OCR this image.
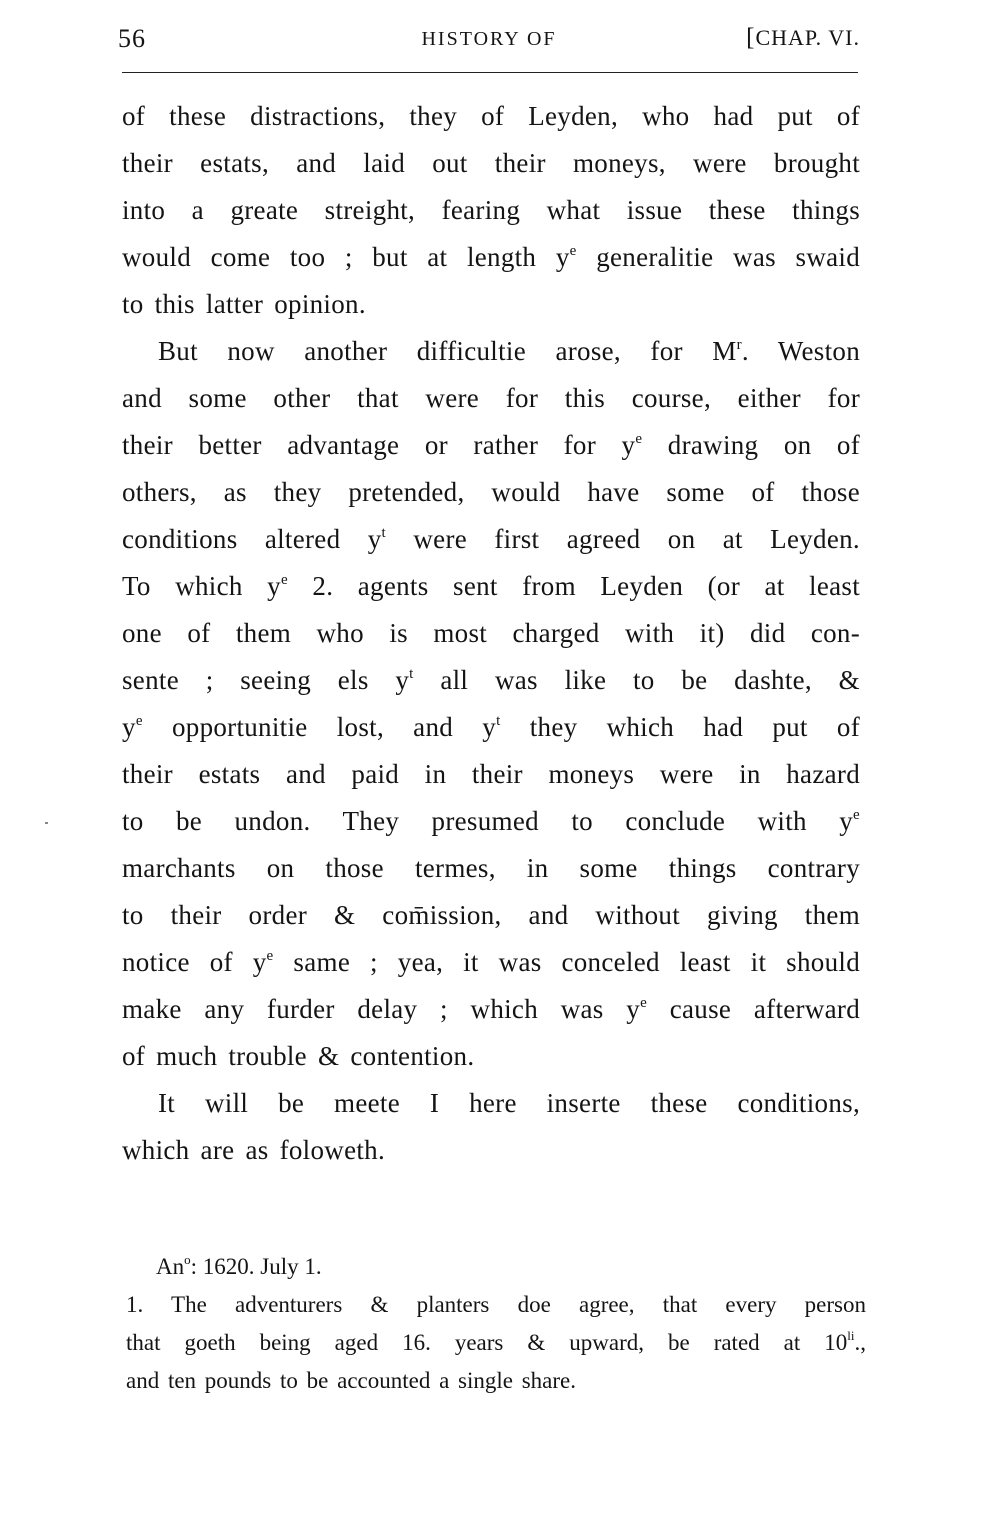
56	HISTORY OF	[CHAP. VI.
of these distractions, they of Leyden, who had put of
their estats, and laid out their moneys, were brought
into a greate streight, fearing what issue these things
would come too ; but at length $y^e$ generalitie was swaid
to this latter opinion.
But now another difficultie arose, for $M^r$. Weston
and some other that were for this course, either for
their better advantage or rather for $y^e$ drawing on of
others, as they pretended, would have some of those
conditions altered $y^t$ were first agreed on at Leyden.
To which $y^e$ 2. agents sent from Leyden (or at least
one of them who is most charged with it) did con-
sente ; seeing els $y^t$ all was like to be dashte, &
$y^e$ opportunitie lost, and $y^t$ they which had put of
their estats and paid in their moneys were in hazard
to be undon. They presumed to conclude with $y^e$
marchants on those termes, in some things contrary
to their order & com̄ission, and without giving them
notice of $y^e$ same ; yea, it was conceled least it should
make any furder delay ; which was $y^e$ cause afterward
of much trouble & contention.
It will be meete I here inserte these conditions,
which are as foloweth.
An$^o$: 1620. July 1.
1. The adventurers & planters doe agree, that every person
that goeth being aged 16. years & upward, be rated at $10^{li}$.,
and ten pounds to be accounted a single share.
